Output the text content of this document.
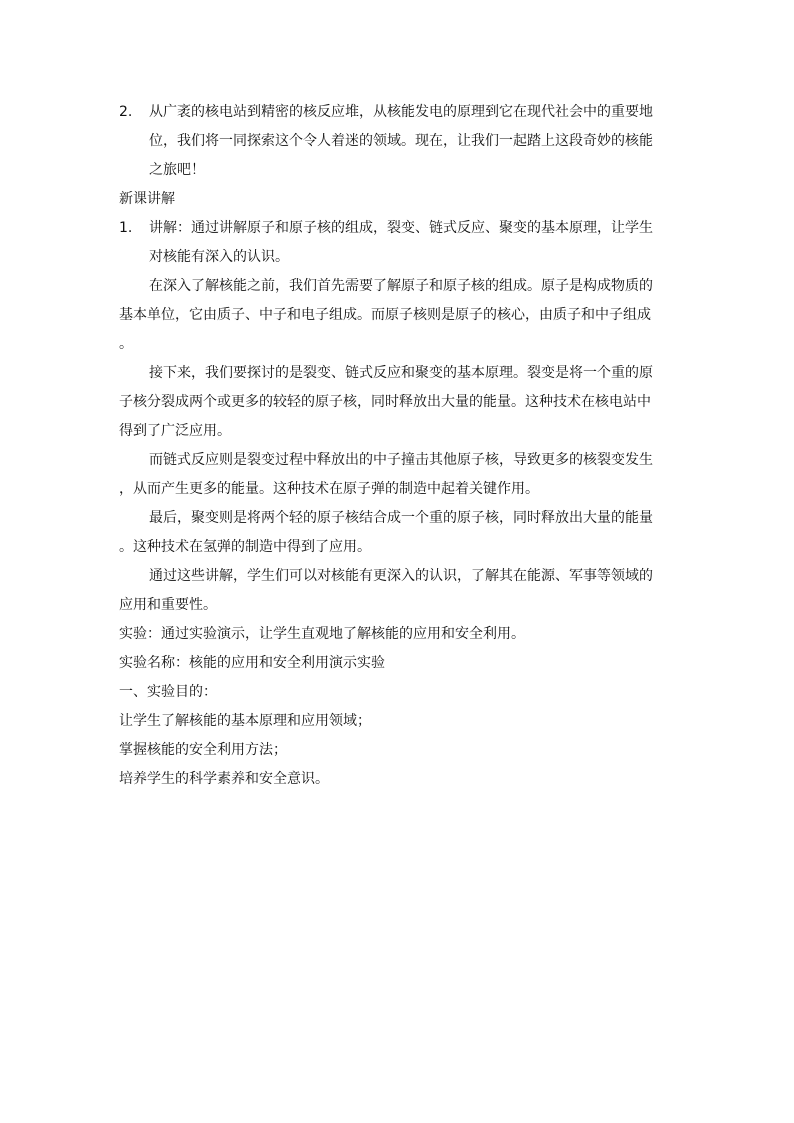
2. 从广袤的核电站到精密的核反应堆，从核能发电的原理到它在现代社会中的重要地
位，我们将一同探索这个令人着迷的领域。现在，让我们一起踏上这段奇妙的核能
之旅吧！
新课讲解
1. 讲解：通过讲解原子和原子核的组成，裂变、链式反应、聚变的基本原理，让学生
对核能有深入的认识。
在深入了解核能之前，我们首先需要了解原子和原子核的组成。原子是构成物质的
基本单位，它由质子、中子和电子组成。而原子核则是原子的核心，由质子和中子组成
。
接下来，我们要探讨的是裂变、链式反应和聚变的基本原理。裂变是将一个重的原
子核分裂成两个或更多的较轻的原子核，同时释放出大量的能量。这种技术在核电站中
得到了广泛应用。
而链式反应则是裂变过程中释放出的中子撞击其他原子核，导致更多的核裂变发生
，从而产生更多的能量。这种技术在原子弹的制造中起着关键作用。
最后，聚变则是将两个轻的原子核结合成一个重的原子核，同时释放出大量的能量
。这种技术在氢弹的制造中得到了应用。
通过这些讲解，学生们可以对核能有更深入的认识，了解其在能源、军事等领域的
应用和重要性。
实验：通过实验演示，让学生直观地了解核能的应用和安全利用。
实验名称：核能的应用和安全利用演示实验
一、实验目的：
让学生了解核能的基本原理和应用领域；
掌握核能的安全利用方法；
培养学生的科学素养和安全意识。
